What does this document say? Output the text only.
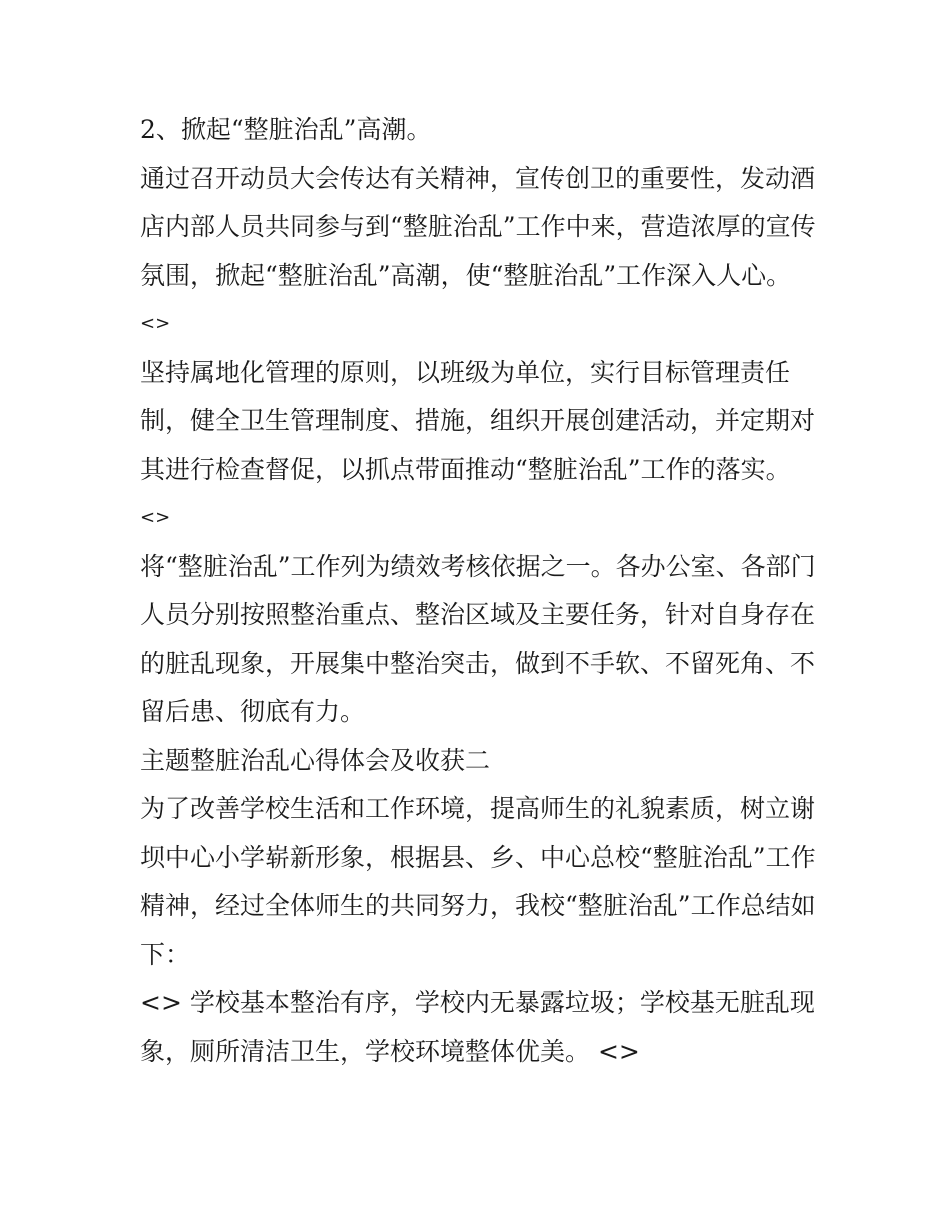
2、掀起“整脏治乱”高潮。
通过召开动员大会传达有关精神，宣传创卫的重要性，发动酒
店内部人员共同参与到“整脏治乱”工作中来，营造浓厚的宣传
氛围，掀起“整脏治乱”高潮，使“整脏治乱”工作深入人心。
<>
坚持属地化管理的原则，以班级为单位，实行目标管理责任
制，健全卫生管理制度、措施，组织开展创建活动，并定期对
其进行检查督促，以抓点带面推动“整脏治乱”工作的落实。
<>
将“整脏治乱”工作列为绩效考核依据之一。各办公室、各部门
人员分别按照整治重点、整治区域及主要任务，针对自身存在
的脏乱现象，开展集中整治突击，做到不手软、不留死角、不
留后患、彻底有力。
主题整脏治乱心得体会及收获二
为了改善学校生活和工作环境，提高师生的礼貌素质，树立谢
坝中心小学崭新形象，根据县、乡、中心总校“整脏治乱”工作
精神，经过全体师生的共同努力，我校“整脏治乱”工作总结如
下：
<> 学校基本整治有序，学校内无暴露垃圾；学校基无脏乱现
象，厕所清洁卫生，学校环境整体优美。 <>
